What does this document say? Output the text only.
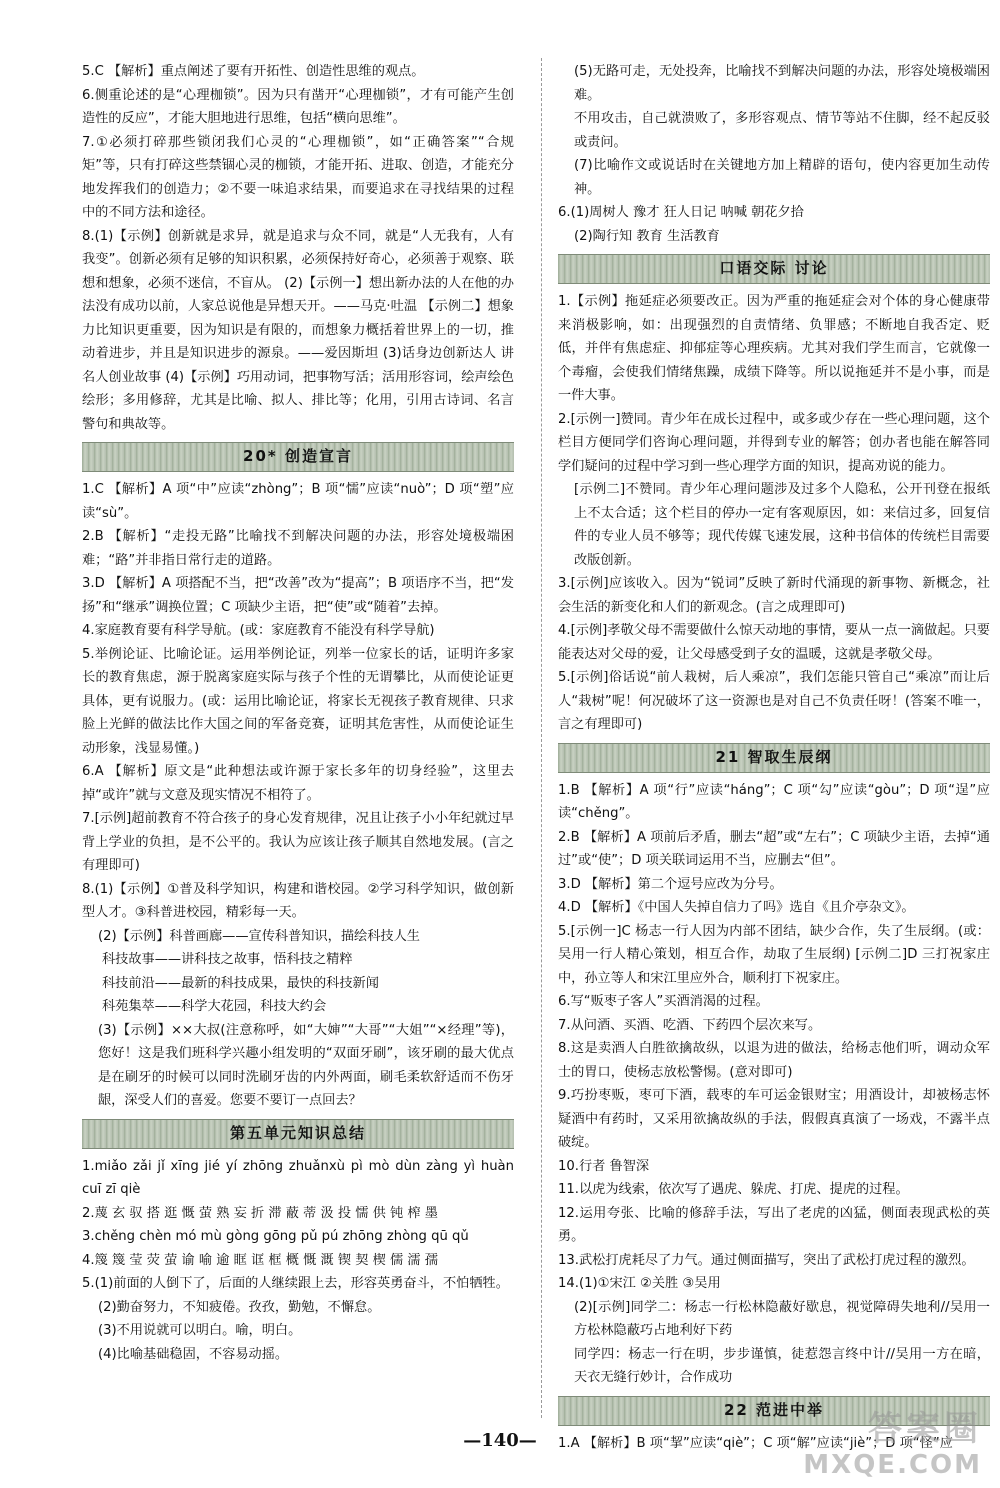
5.C 【解析】重点阐述了要有开拓性、创造性思维的观点。

6.侧重论述的是“心理枷锁”。因为只有凿开“心理枷锁”，才有可能产生创造性的反应”，才能大胆地进行思维，包括“横向思维”。

7.①必须打碎那些锁闭我们心灵的“心理枷锁”，如“正确答案”“合规矩”等，只有打碎这些禁锢心灵的枷锁，才能开拓、进取、创造，才能充分地发挥我们的创造力；②不要一味追求结果，而要追求在寻找结果的过程中的不同方法和途径。

8.(1)【示例】创新就是求异，就是追求与众不同，就是“人无我有，人有我变”。创新必须有足够的知识积累，必须保持好奇心，必须善于观察、联想和想象，必须不迷信，不盲从。 (2)【示例一】想出新办法的人在他的办法没有成功以前，人家总说他是异想天开。——马克·吐温 【示例二】想象力比知识更重要，因为知识是有限的，而想象力概括着世界上的一切，推动着进步，并且是知识进步的源泉。——爱因斯坦 (3)话身边创新达人 讲名人创业故事 (4)【示例】巧用动词，把事物写活；活用形容词，绘声绘色绘形；多用修辞，尤其是比喻、拟人、排比等；化用，引用古诗词、名言警句和典故等。

20* 创造宣言

1.C 【解析】A 项“中”应读“zhòng”；B 项“懦”应读“nuò”；D 项“塑”应读“sù”。

2.B 【解析】“走投无路”比喻找不到解决问题的办法，形容处境极端困难；“路”并非指日常行走的道路。

3.D 【解析】A 项搭配不当，把“改善”改为“提高”；B 项语序不当，把“发扬”和“继承”调换位置；C 项缺少主语，把“使”或“随着”去掉。

4.家庭教育要有科学导航。(或：家庭教育不能没有科学导航)

5.举例论证、比喻论证。运用举例论证，列举一位家长的话，证明许多家长的教育焦虑，源于脱离家庭实际与孩子个性的无谓攀比，从而使论证更具体，更有说服力。(或：运用比喻论证，将家长无视孩子教育规律、只求脸上光鲜的做法比作大国之间的军备竞赛，证明其危害性，从而使论证生动形象，浅显易懂。)

6.A 【解析】原文是“此种想法或许源于家长多年的切身经验”，这里去掉“或许”就与文意及现实情况不相符了。

7.[示例]超前教育不符合孩子的身心发育规律，况且让孩子小小年纪就过早背上学业的负担，是不公平的。我认为应该让孩子顺其自然地发展。(言之有理即可)

8.(1)【示例】①普及科学知识，构建和谐校园。②学习科学知识，做创新型人才。③科普进校园，精彩每一天。

(2)【示例】科普画廊——宣传科普知识，描绘科技人生

科技故事——讲科技之故事，悟科技之精粹

科技前沿——最新的科技成果，最快的科技新闻

科苑集萃——科学大花园，科技大约会

(3)【示例】××大叔(注意称呼，如“大婶”“大哥”“大姐”“×经理”等)，您好！这是我们班科学兴趣小组发明的“双面牙刷”，该牙刷的最大优点是在刷牙的时候可以同时洗刷牙齿的内外两面，刷毛柔软舒适而不伤牙龈，深受人们的喜爱。您要不要订一点回去？

第五单元知识总结

1.miǎo zǎi jǐ xīng jié yí zhōng zhuǎnxù pì mò dùn zàng yì huàn cuī zī qiè

2.蔑 玄 驭 搭 逛 慨 萤 熟 妄 折 滞 蔽 蒂 汲 投 懦 供 钝 榨 墨

3.chěng chèn mó mù gòng gōng pǔ pú zhōng zhòng qū qǔ

4.篾 篾 莹 荧 萤 谕 喻 逾 眶 诓 框 概 慨 溉 锲 契 楔 儒 濡 孺

5.(1)前面的人倒下了，后面的人继续跟上去，形容英勇奋斗，不怕牺牲。

(2)勤奋努力，不知疲倦。孜孜，勤勉，不懈怠。

(3)不用说就可以明白。喻，明白。

(4)比喻基础稳固，不容易动摇。

(5)无路可走，无处投奔，比喻找不到解决问题的办法，形容处境极端困难。

不用攻击，自己就溃败了，多形容观点、情节等站不住脚，经不起反驳或责问。

(7)比喻作文或说话时在关键地方加上精辟的语句，使内容更加生动传神。

6.(1)周树人 豫才 狂人日记 呐喊 朝花夕拾

(2)陶行知 教育 生活教育

口语交际 讨论

1.【示例】拖延症必须要改正。因为严重的拖延症会对个体的身心健康带来消极影响，如：出现强烈的自责情绪、负罪感；不断地自我否定、贬低，并伴有焦虑症、抑郁症等心理疾病。尤其对我们学生而言，它就像一个毒瘤，会使我们情绪焦躁，成绩下降等。所以说拖延并不是小事，而是一件大事。

2.[示例一]赞同。青少年在成长过程中，或多或少存在一些心理问题，这个栏目方便同学们咨询心理问题，并得到专业的解答；创办者也能在解答同学们疑问的过程中学习到一些心理学方面的知识，提高劝说的能力。

[示例二]不赞同。青少年心理问题涉及过多个人隐私，公开刊登在报纸上不太合适；这个栏目的停办一定有客观原因，如：来信过多，回复信件的专业人员不够等；现代传媒飞速发展，这种书信体的传统栏目需要改版创新。

3.[示例]应该收入。因为“锐词”反映了新时代涌现的新事物、新概念，社会生活的新变化和人们的新观念。(言之成理即可)

4.[示例]孝敬父母不需要做什么惊天动地的事情，要从一点一滴做起。只要能表达对父母的爱，让父母感受到子女的温暖，这就是孝敬父母。

5.[示例]俗话说“前人栽树，后人乘凉”，我们怎能只管自己“乘凉”而让后人“栽树”呢！何况破坏了这一资源也是对自己不负责任呀！(答案不唯一，言之有理即可)

21 智取生辰纲

1.B 【解析】A 项“行”应读“háng”；C 项“勾”应读“gòu”；D 项“逞”应读“chěng”。

2.B 【解析】A 项前后矛盾，删去“超”或“左右”；C 项缺少主语，去掉“通过”或“使”；D 项关联词运用不当，应删去“但”。

3.D 【解析】第二个逗号应改为分号。

4.D 【解析】《中国人失掉自信力了吗》选自《且介亭杂文》。

5.[示例一]C 杨志一行人因为内部不团结，缺少合作，失了生辰纲。(或：吴用一行人精心策划，相互合作，劫取了生辰纲) [示例二]D 三打祝家庄中，孙立等人和宋江里应外合，顺利打下祝家庄。

6.写“贩枣子客人”买酒消渴的过程。

7.从问酒、买酒、吃酒、下药四个层次来写。

8.这是卖酒人白胜欲擒故纵，以退为进的做法，给杨志他们听，调动众军士的胃口，使杨志放松警惕。(意对即可)

9.巧扮枣贩，枣可下酒，载枣的车可运金银财宝；用酒设计，却被杨志怀疑酒中有药时，又采用欲擒故纵的手法，假假真真演了一场戏，不露半点破绽。

10.行者 鲁智深

11.以虎为线索，依次写了遇虎、躲虎、打虎、提虎的过程。

12.运用夸张、比喻的修辞手法，写出了老虎的凶猛，侧面表现武松的英勇。

13.武松打虎耗尽了力气。通过侧面描写，突出了武松打虎过程的激烈。

14.(1)①宋江 ②关胜 ③吴用

(2)[示例]同学二：杨志一行松林隐蔽好歇息，视觉障碍失地利//吴用一方松林隐蔽巧占地利好下药

同学四：杨志一行在明，步步谨慎，徒惹怨言终中计//吴用一方在暗，天衣无缝行妙计，合作成功

22 范进中举

1.A 【解析】B 项“挈”应读“qiè”；C 项“解”应读“jiè”；D 项“怪”应

—140—	答案圈
MXQE.COM
